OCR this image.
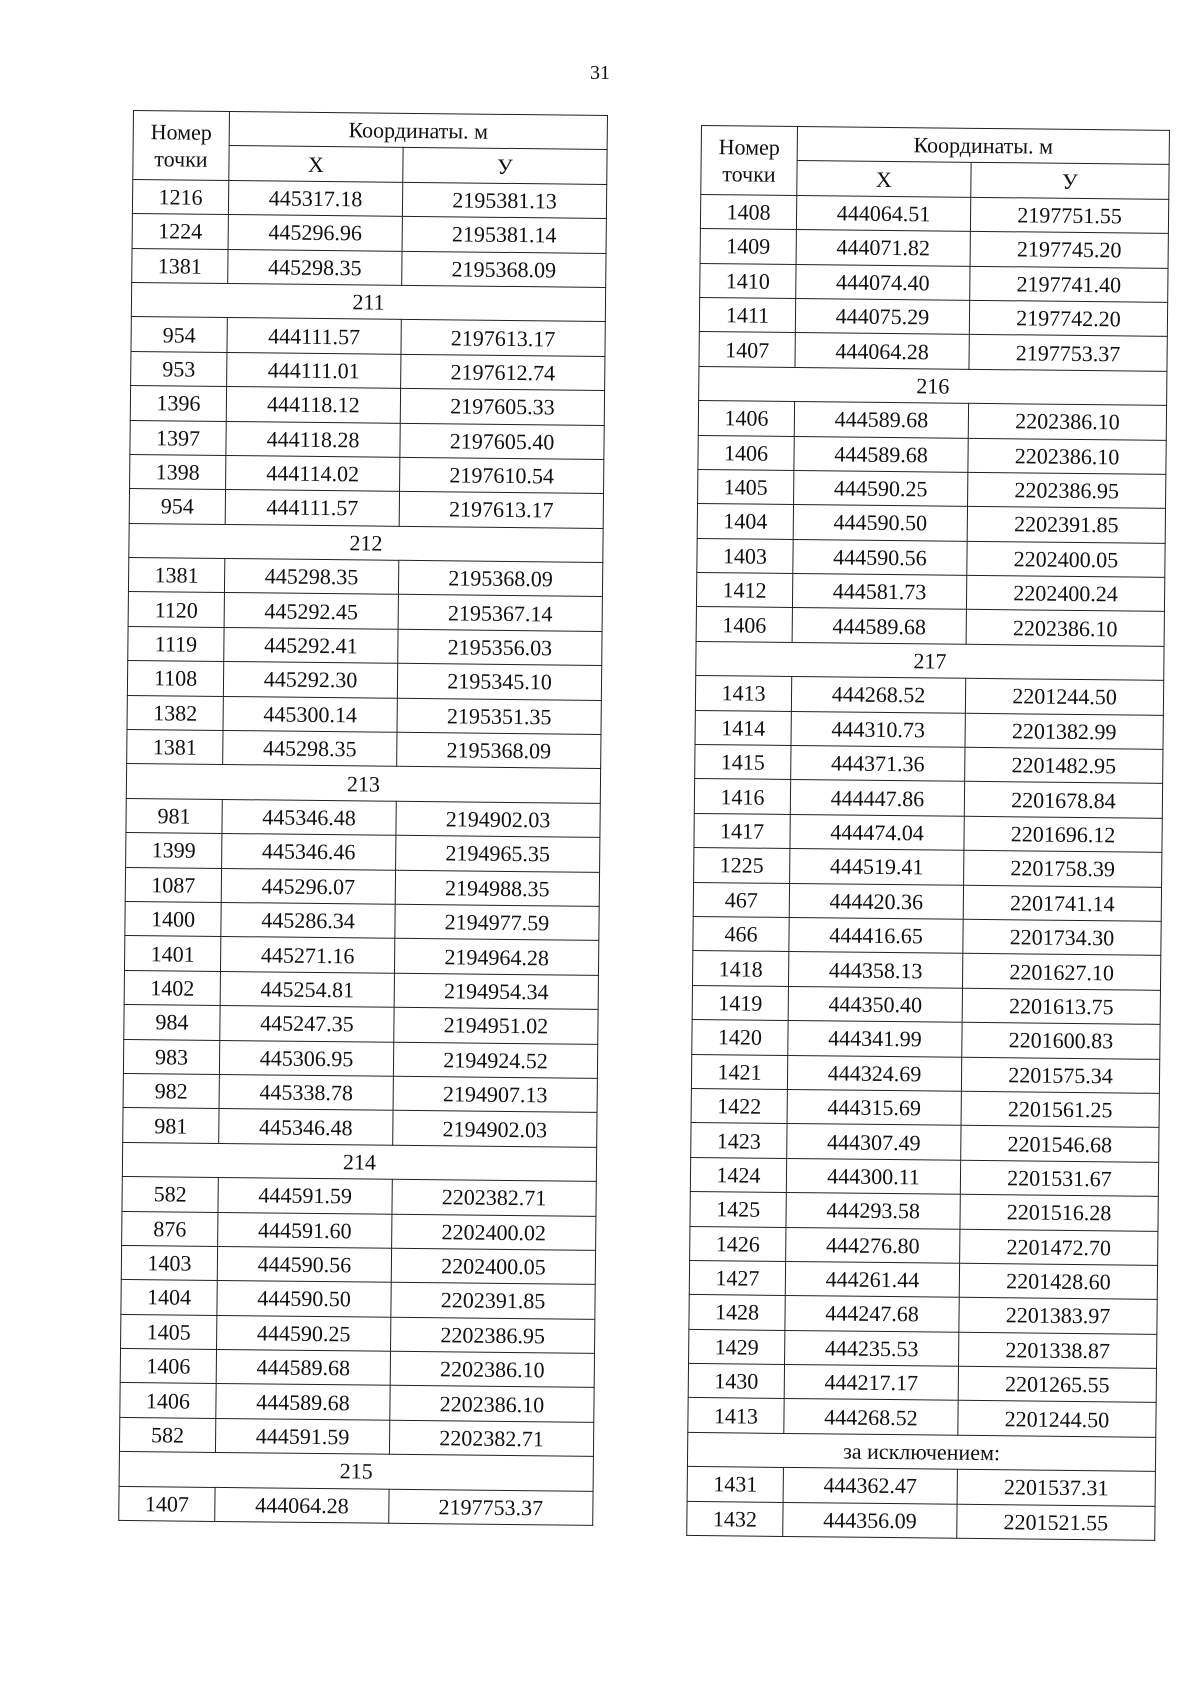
31
Номер
точки	Координаты. м	
	Х	У
1216	445317.18	2195381.13
1224	445296.96	2195381.14
1381	445298.35	2195368.09
211		
954	444111.57	2197613.17
953	444111.01	2197612.74
1396	444118.12	2197605.33
1397	444118.28	2197605.40
1398	444114.02	2197610.54
954	444111.57	2197613.17
212		
1381	445298.35	2195368.09
1120	445292.45	2195367.14
1119	445292.41	2195356.03
1108	445292.30	2195345.10
1382	445300.14	2195351.35
1381	445298.35	2195368.09
213		
981	445346.48	2194902.03
1399	445346.46	2194965.35
1087	445296.07	2194988.35
1400	445286.34	2194977.59
1401	445271.16	2194964.28
1402	445254.81	2194954.34
984	445247.35	2194951.02
983	445306.95	2194924.52
982	445338.78	2194907.13
981	445346.48	2194902.03
214		
582	444591.59	2202382.71
876	444591.60	2202400.02
1403	444590.56	2202400.05
1404	444590.50	2202391.85
1405	444590.25	2202386.95
1406	444589.68	2202386.10
1406	444589.68	2202386.10
582	444591.59	2202382.71
215		
1407	444064.28	2197753.37
Номер
точки	Координаты. м	
	Х	У
1408	444064.51	2197751.55
1409	444071.82	2197745.20
1410	444074.40	2197741.40
1411	444075.29	2197742.20
1407	444064.28	2197753.37
216		
1406	444589.68	2202386.10
1406	444589.68	2202386.10
1405	444590.25	2202386.95
1404	444590.50	2202391.85
1403	444590.56	2202400.05
1412	444581.73	2202400.24
1406	444589.68	2202386.10
217		
1413	444268.52	2201244.50
1414	444310.73	2201382.99
1415	444371.36	2201482.95
1416	444447.86	2201678.84
1417	444474.04	2201696.12
1225	444519.41	2201758.39
467	444420.36	2201741.14
466	444416.65	2201734.30
1418	444358.13	2201627.10
1419	444350.40	2201613.75
1420	444341.99	2201600.83
1421	444324.69	2201575.34
1422	444315.69	2201561.25
1423	444307.49	2201546.68
1424	444300.11	2201531.67
1425	444293.58	2201516.28
1426	444276.80	2201472.70
1427	444261.44	2201428.60
1428	444247.68	2201383.97
1429	444235.53	2201338.87
1430	444217.17	2201265.55
1413	444268.52	2201244.50
за исключением:		
1431	444362.47	2201537.31
1432	444356.09	2201521.55
